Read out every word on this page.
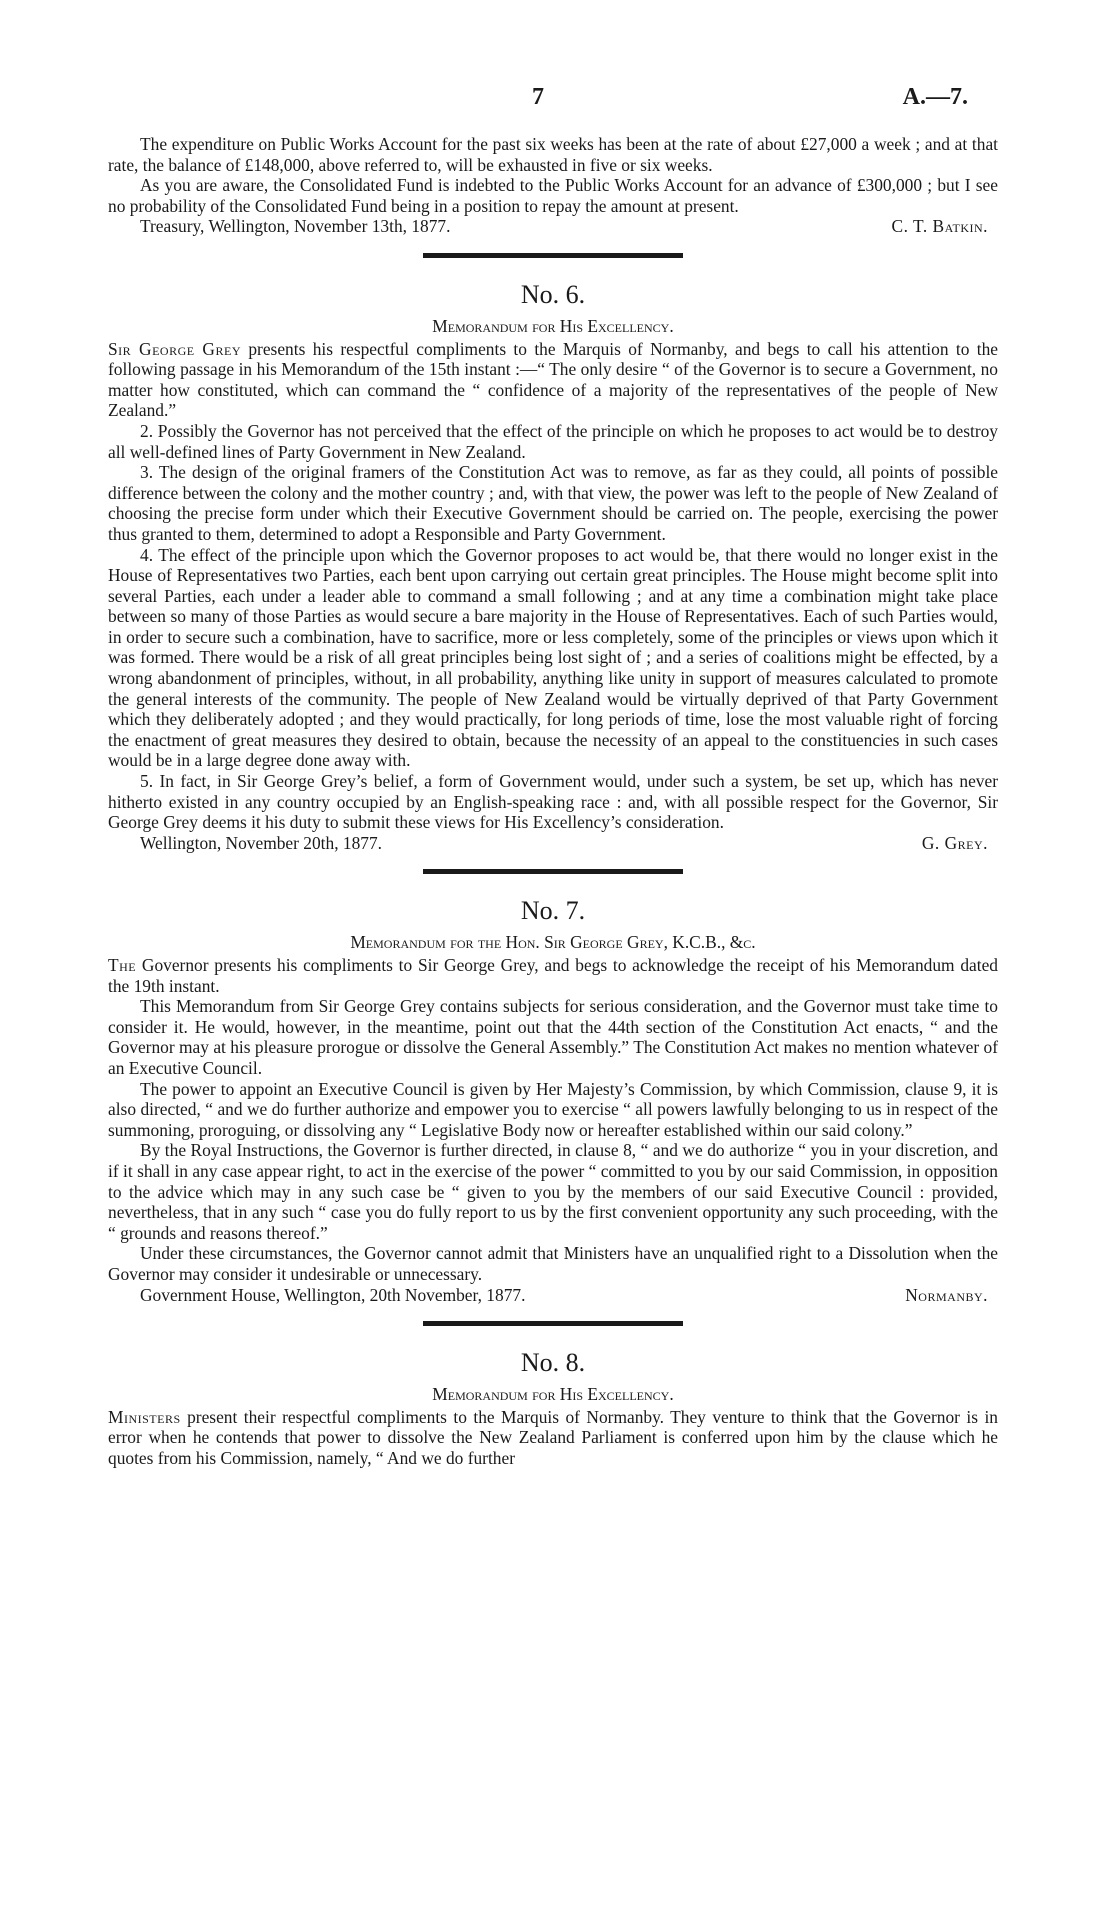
7	A.—7.

The expenditure on Public Works Account for the past six weeks has been at the rate of about £27,000 a week ; and at that rate, the balance of £148,000, above referred to, will be exhausted in five or six weeks.

As you are aware, the Consolidated Fund is indebted to the Public Works Account for an advance of £300,000 ; but I see no probability of the Consolidated Fund being in a position to repay the amount at present.

Treasury, Wellington, November 13th, 1877.	C. T. Batkin.
No. 6.
Memorandum for His Excellency.

Sir George Grey presents his respectful compliments to the Marquis of Normanby, and begs to call his attention to the following passage in his Memorandum of the 15th instant :—“ The only desire “ of the Governor is to secure a Government, no matter how constituted, which can command the “ confidence of a majority of the representatives of the people of New Zealand.”

2. Possibly the Governor has not perceived that the effect of the principle on which he proposes to act would be to destroy all well-defined lines of Party Government in New Zealand.

3. The design of the original framers of the Constitution Act was to remove, as far as they could, all points of possible difference between the colony and the mother country ; and, with that view, the power was left to the people of New Zealand of choosing the precise form under which their Executive Government should be carried on. The people, exercising the power thus granted to them, determined to adopt a Responsible and Party Government.

4. The effect of the principle upon which the Governor proposes to act would be, that there would no longer exist in the House of Representatives two Parties, each bent upon carrying out certain great principles. The House might become split into several Parties, each under a leader able to command a small following ; and at any time a combination might take place between so many of those Parties as would secure a bare majority in the House of Representatives. Each of such Parties would, in order to secure such a combination, have to sacrifice, more or less completely, some of the principles or views upon which it was formed. There would be a risk of all great principles being lost sight of ; and a series of coalitions might be effected, by a wrong abandonment of principles, without, in all probability, anything like unity in support of measures calculated to promote the general interests of the community. The people of New Zealand would be virtually deprived of that Party Government which they deliberately adopted ; and they would practically, for long periods of time, lose the most valuable right of forcing the enactment of great measures they desired to obtain, because the necessity of an appeal to the constituencies in such cases would be in a large degree done away with.

5. In fact, in Sir George Grey’s belief, a form of Government would, under such a system, be set up, which has never hitherto existed in any country occupied by an English-speaking race : and, with all possible respect for the Governor, Sir George Grey deems it his duty to submit these views for His Excellency’s consideration.

Wellington, November 20th, 1877.	G. Grey.
No. 7.
Memorandum for the Hon. Sir George Grey, K.C.B., &c.

The Governor presents his compliments to Sir George Grey, and begs to acknowledge the receipt of his Memorandum dated the 19th instant.

This Memorandum from Sir George Grey contains subjects for serious consideration, and the Governor must take time to consider it. He would, however, in the meantime, point out that the 44th section of the Constitution Act enacts, “ and the Governor may at his pleasure prorogue or dissolve the General Assembly.” The Constitution Act makes no mention whatever of an Executive Council.

The power to appoint an Executive Council is given by Her Majesty’s Commission, by which Commission, clause 9, it is also directed, “ and we do further authorize and empower you to exercise “ all powers lawfully belonging to us in respect of the summoning, proroguing, or dissolving any “ Legislative Body now or hereafter established within our said colony.”

By the Royal Instructions, the Governor is further directed, in clause 8, “ and we do authorize “ you in your discretion, and if it shall in any case appear right, to act in the exercise of the power “ committed to you by our said Commission, in opposition to the advice which may in any such case be “ given to you by the members of our said Executive Council : provided, nevertheless, that in any such “ case you do fully report to us by the first convenient opportunity any such proceeding, with the “ grounds and reasons thereof.”

Under these circumstances, the Governor cannot admit that Ministers have an unqualified right to a Dissolution when the Governor may consider it undesirable or unnecessary.

Government House, Wellington, 20th November, 1877.	Normanby.
No. 8.
Memorandum for His Excellency.

Ministers present their respectful compliments to the Marquis of Normanby. They venture to think that the Governor is in error when he contends that power to dissolve the New Zealand Parliament is conferred upon him by the clause which he quotes from his Commission, namely, “ And we do further
